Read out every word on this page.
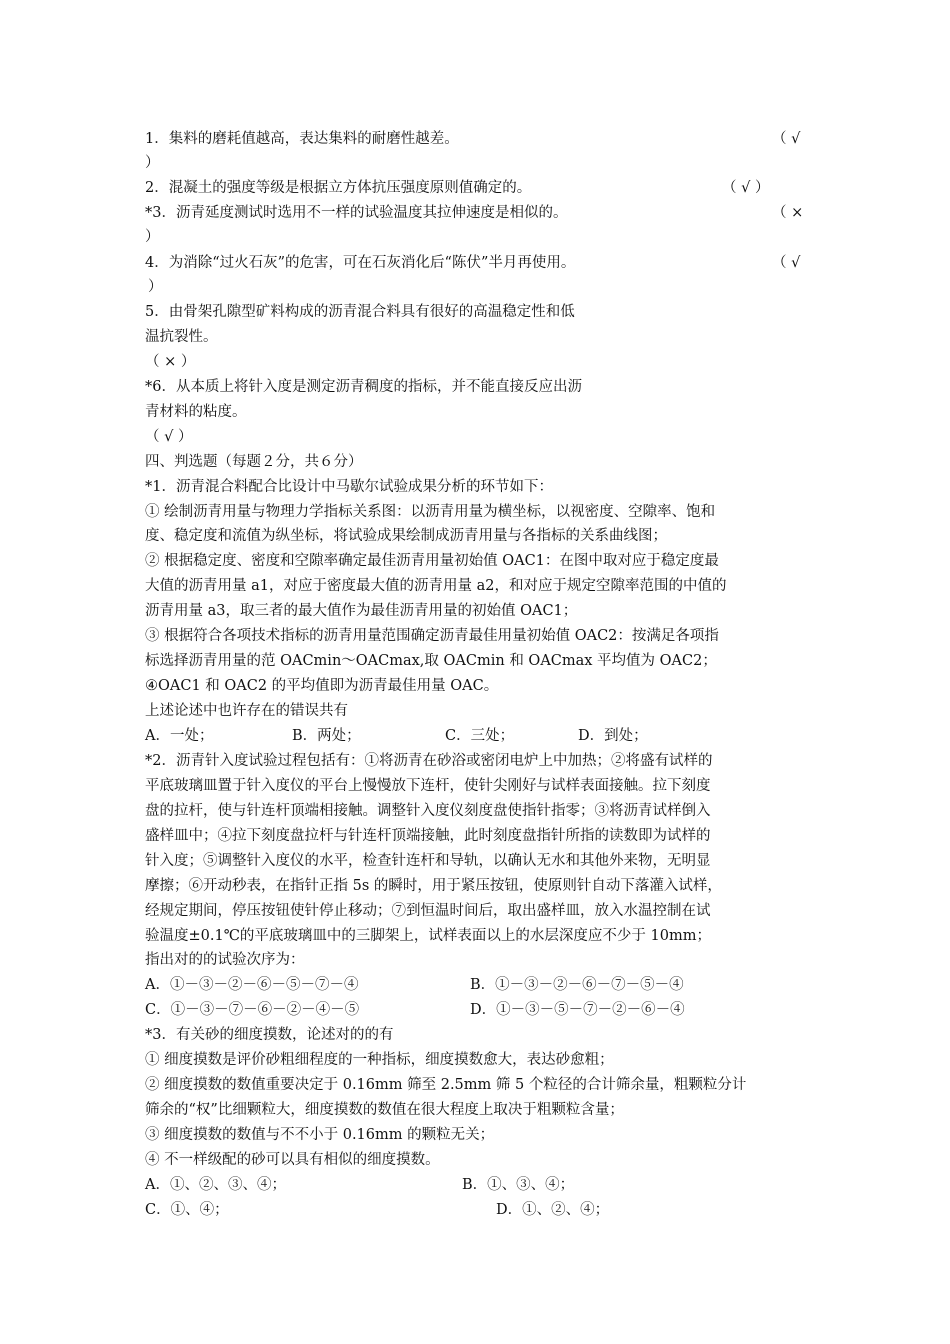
1．集料的磨耗值越高，表达集料的耐磨性越差。	（ √
）
2．混凝土的强度等级是根据立方体抗压强度原则值确定的。	（ √ ）
*3．沥青延度测试时选用不一样的试验温度其拉伸速度是相似的。	（ ×
）
4．为消除“过火石灰”的危害，可在石灰消化后“陈伏”半月再使用。	（ √
）
5．由骨架孔隙型矿料构成的沥青混合料具有很好的高温稳定性和低
温抗裂性。
（ × ）
*6．从本质上将针入度是测定沥青稠度的指标，并不能直接反应出沥
青材料的粘度。
（ √ ）
四、判选题（每题２分，共６分）
*1．沥青混合料配合比设计中马歇尔试验成果分析的环节如下：
① 绘制沥青用量与物理力学指标关系图：以沥青用量为横坐标，以视密度、空隙率、饱和
度、稳定度和流值为纵坐标，将试验成果绘制成沥青用量与各指标的关系曲线图；
② 根据稳定度、密度和空隙率确定最佳沥青用量初始值 OAC1：在图中取对应于稳定度最
大值的沥青用量 a1，对应于密度最大值的沥青用量 a2，和对应于规定空隙率范围的中值的
沥青用量 a3，取三者的最大值作为最佳沥青用量的初始值 OAC1；
③ 根据符合各项技术指标的沥青用量范围确定沥青最佳用量初始值 OAC2：按满足各项指
标选择沥青用量的范 OACmin～OACmax,取 OACmin 和 OACmax 平均值为 OAC2；
④OAC1 和 OAC2 的平均值即为沥青最佳用量 OAC。
上述论述中也许存在的错误共有
A．一处；	B．两处；	C．三处；	D．到处；
*2．沥青针入度试验过程包括有：①将沥青在砂浴或密闭电炉上中加热；②将盛有试样的
平底玻璃皿置于针入度仪的平台上慢慢放下连杆，使针尖刚好与试样表面接触。拉下刻度
盘的拉杆，使与针连杆顶端相接触。调整针入度仪刻度盘使指针指零；③将沥青试样倒入
盛样皿中；④拉下刻度盘拉杆与针连杆顶端接触，此时刻度盘指针所指的读数即为试样的
针入度；⑤调整针入度仪的水平，检查针连杆和导轨，以确认无水和其他外来物，无明显
摩擦；⑥开动秒表，在指针正指 5s 的瞬时，用于紧压按钮，使原则针自动下落灌入试样，
经规定期间，停压按钮使针停止移动；⑦到恒温时间后，取出盛样皿，放入水温控制在试
验温度±0.1℃的平底玻璃皿中的三脚架上，试样表面以上的水层深度应不少于 10mm；
指出对的的试验次序为：
A．①－③－②－⑥－⑤－⑦－④	B．①－③－②－⑥－⑦－⑤－④
C．①－③－⑦－⑥－②－④－⑤	D．①－③－⑤－⑦－②－⑥－④
*3．有关砂的细度摸数，论述对的的有
① 细度摸数是评价砂粗细程度的一种指标，细度摸数愈大，表达砂愈粗；
② 细度摸数的数值重要决定于 0.16mm 筛至 2.5mm 筛 5 个粒径的合计筛余量，粗颗粒分计
筛余的“权”比细颗粒大，细度摸数的数值在很大程度上取决于粗颗粒含量；
③ 细度摸数的数值与不不小于 0.16mm 的颗粒无关；
④ 不一样级配的砂可以具有相似的细度摸数。
A．①、②、③、④；	B．①、③、④；
C．①、④；	D．①、②、④；
